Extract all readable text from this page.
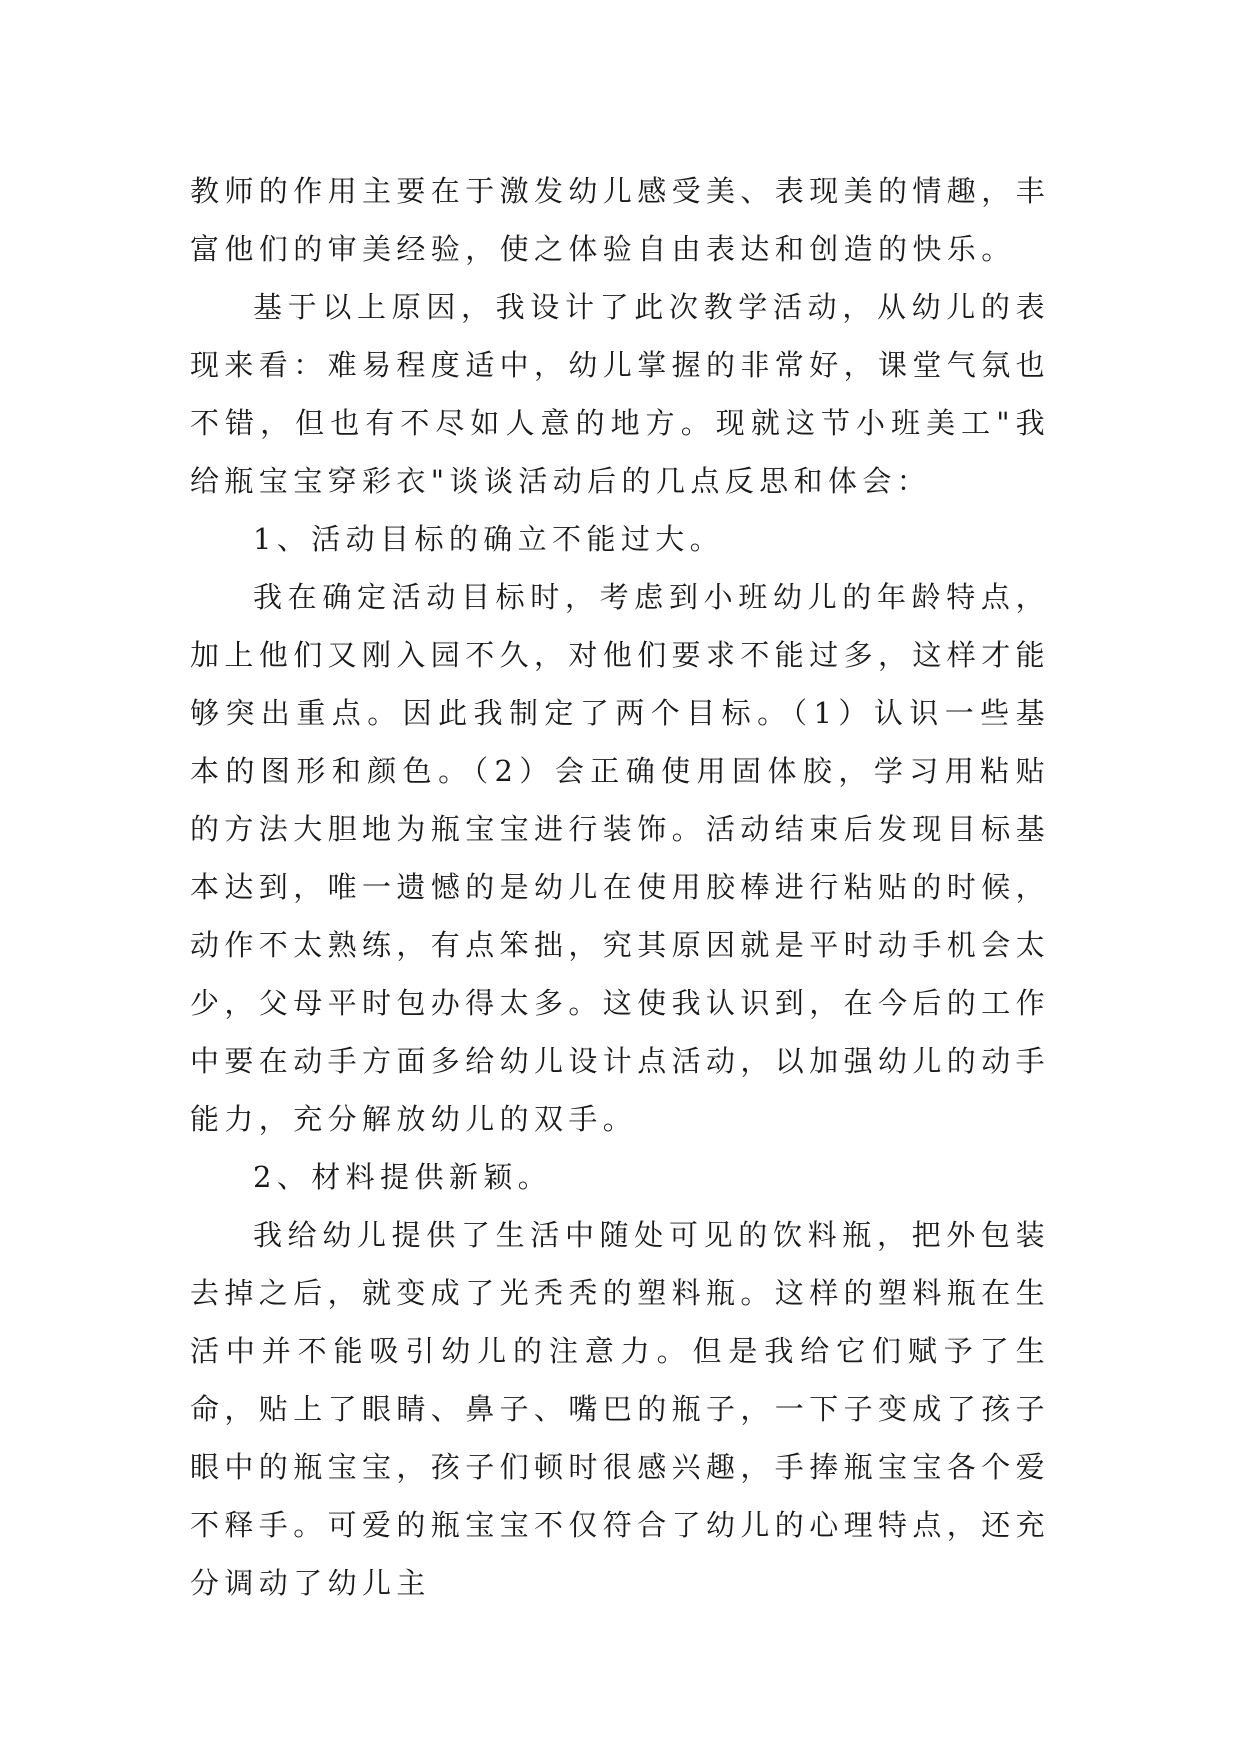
教师的作用主要在于激发幼儿感受美、表现美的情趣，丰富他们的审美经验，使之体验自由表达和创造的快乐。

基于以上原因，我设计了此次教学活动，从幼儿的表现来看：难易程度适中，幼儿掌握的非常好，课堂气氛也不错，但也有不尽如人意的地方。现就这节小班美工"我给瓶宝宝穿彩衣"谈谈活动后的几点反思和体会：

1、活动目标的确立不能过大。

我在确定活动目标时，考虑到小班幼儿的年龄特点，加上他们又刚入园不久，对他们要求不能过多，这样才能够突出重点。因此我制定了两个目标。（1）认识一些基本的图形和颜色。（2）会正确使用固体胶，学习用粘贴的方法大胆地为瓶宝宝进行装饰。活动结束后发现目标基本达到，唯一遗憾的是幼儿在使用胶棒进行粘贴的时候，动作不太熟练，有点笨拙，究其原因就是平时动手机会太少，父母平时包办得太多。这使我认识到，在今后的工作中要在动手方面多给幼儿设计点活动，以加强幼儿的动手能力，充分解放幼儿的双手。

2、材料提供新颖。

我给幼儿提供了生活中随处可见的饮料瓶，把外包装去掉之后，就变成了光秃秃的塑料瓶。这样的塑料瓶在生活中并不能吸引幼儿的注意力。但是我给它们赋予了生命，贴上了眼睛、鼻子、嘴巴的瓶子，一下子变成了孩子眼中的瓶宝宝，孩子们顿时很感兴趣，手捧瓶宝宝各个爱不释手。可爱的瓶宝宝不仅符合了幼儿的心理特点，还充分调动了幼儿主
